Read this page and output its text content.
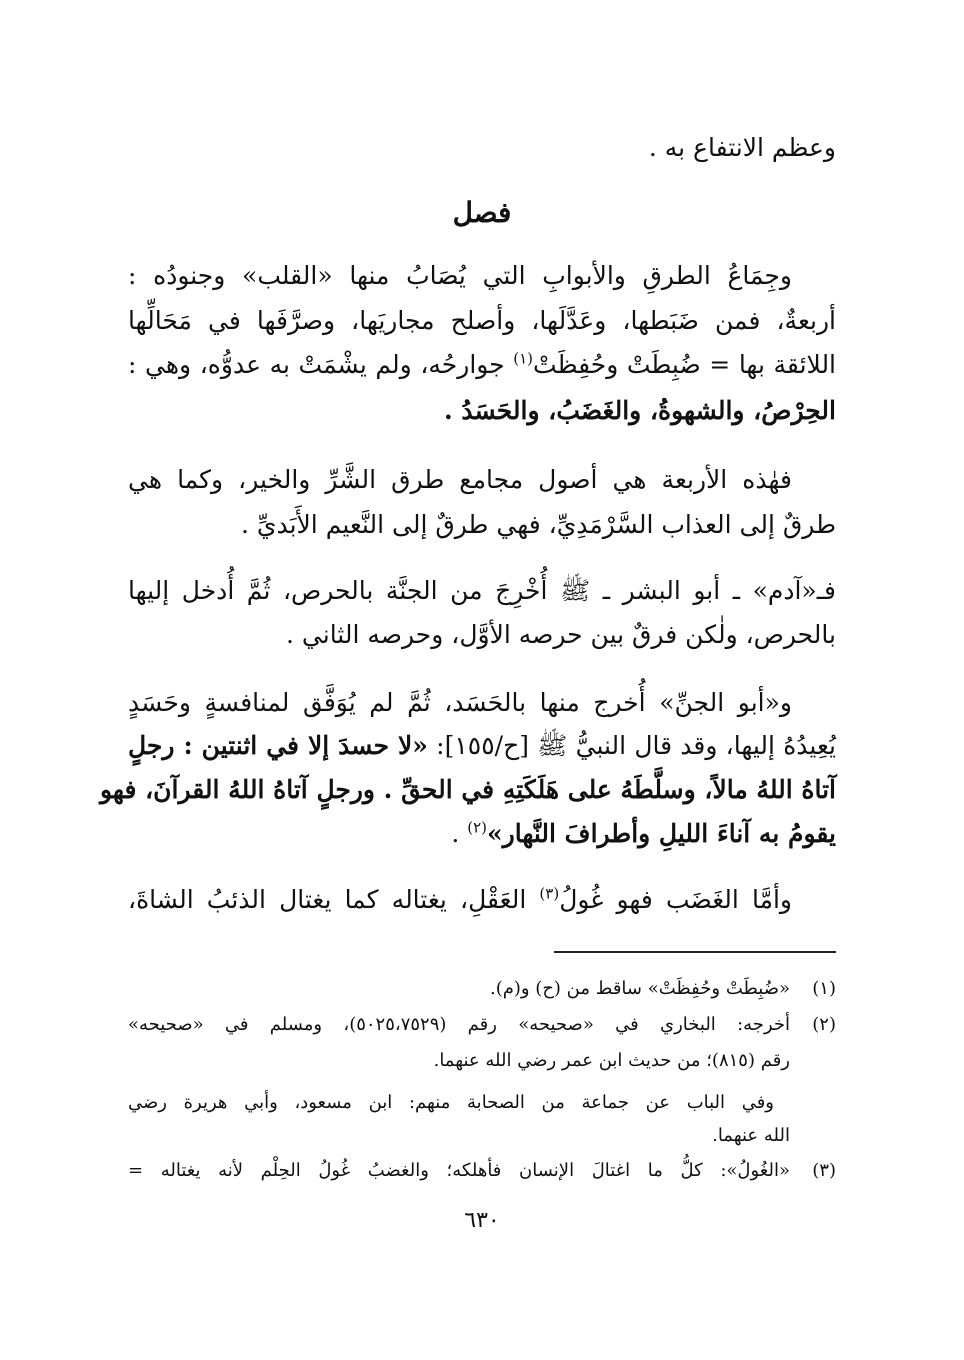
وعظم الانتفاع به .
فصل
وجِمَاعُ الطرقِ والأبوابِ التي يُصَابُ منها «القلب» وجنودُه :
أربعةٌ، فمن ضَبَطها، وعَدَّلَها، وأصلح مجاريَها، وصرَّفَها في مَحَالِّها
اللائقة بها = ضُبِطَتْ وحُفِظَتْ$^{(١)}$ جوارحُه، ولم يشْمَتْ به عدوُّه، وهي :
الحِرْصُ، والشهوةُ، والغَضَبُ، والحَسَدُ .
فهٰذه الأربعة هي أصول مجامع طرق الشَّرِّ والخير، وكما هي
طرقٌ إلى العذاب السَّرْمَدِيِّ، فهي طرقٌ إلى النَّعيم الأَبَديِّ .
فـ«آدم» ـ أبو البشر ـ ﷺ أُخْرِجَ من الجنَّة بالحرص، ثُمَّ أُدخل إليها
بالحرص، ولٰكن فرقٌ بين حرصه الأوَّل، وحرصه الثاني .
و«أبو الجنِّ» أُخرج منها بالحَسَد، ثُمَّ لم يُوَفَّق لمنافسةٍ وحَسَدٍ
يُعِيدُهُ إليها، وقد قال النبيُّ ﷺ [ح/١٥٥]: «لا حسدَ إلا في اثنتين : رجلٍ
آتاهُ اللهُ مالاً، وسلَّطَهُ على هَلَكَتِهِ في الحقِّ . ورجلٍ آتاهُ اللهُ القرآنَ، فهو
يقومُ به آناءَ الليلِ وأطرافَ النَّهار»$^{(٢)}$ .
وأمَّا الغَضَب فهو غُولُ$^{(٣)}$ العَقْلِ، يغتاله كما يغتال الذئبُ الشاةَ،
(١)
«ضُبِطَتْ وحُفِظَتْ» ساقط من (ح) و(م).
(٢)
أخرجه: البخاري في «صحيحه» رقم (٥٠٢٥،٧٥٢٩)، ومسلم في «صحيحه»
رقم (٨١٥)؛ من حديث ابن عمر رضي الله عنهما.
وفي الباب عن جماعة من الصحابة منهم: ابن مسعود، وأبي هريرة رضي
الله عنهما.
(٣)
«الغُولُ»: كلُّ ما اغتالَ الإنسان فأهلكه؛ والغضبُ غُولُ الحِلْم لأنه يغتاله =
٦٣٠
